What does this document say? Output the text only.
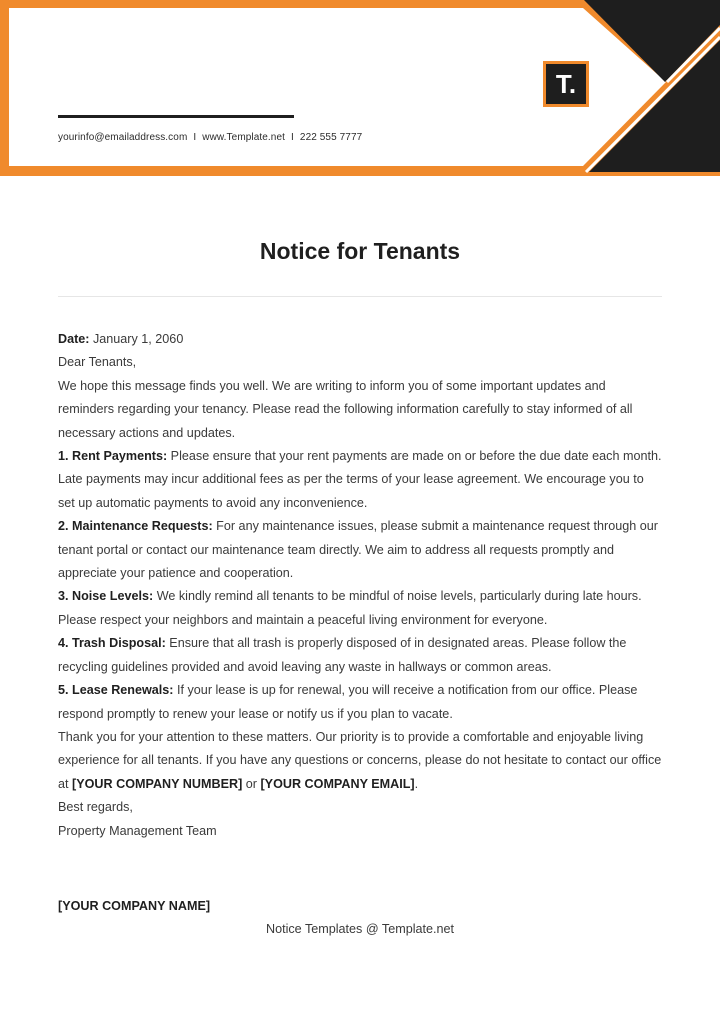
T.
yourinfo@emailaddress.com I www.Template.net I 222 555 7777
Notice for Tenants

Date: January 1, 2060

Dear Tenants,

We hope this message finds you well. We are writing to inform you of some important updates and reminders regarding your tenancy. Please read the following information carefully to stay informed of all necessary actions and updates.

1. Rent Payments: Please ensure that your rent payments are made on or before the due date each month. Late payments may incur additional fees as per the terms of your lease agreement. We encourage you to set up automatic payments to avoid any inconvenience.

2. Maintenance Requests: For any maintenance issues, please submit a maintenance request through our tenant portal or contact our maintenance team directly. We aim to address all requests promptly and appreciate your patience and cooperation.

3. Noise Levels: We kindly remind all tenants to be mindful of noise levels, particularly during late hours. Please respect your neighbors and maintain a peaceful living environment for everyone.

4. Trash Disposal: Ensure that all trash is properly disposed of in designated areas. Please follow the recycling guidelines provided and avoid leaving any waste in hallways or common areas.

5. Lease Renewals: If your lease is up for renewal, you will receive a notification from our office. Please respond promptly to renew your lease or notify us if you plan to vacate.

Thank you for your attention to these matters. Our priority is to provide a comfortable and enjoyable living experience for all tenants. If you have any questions or concerns, please do not hesitate to contact our office at [YOUR COMPANY NUMBER] or [YOUR COMPANY EMAIL].

Best regards,

Property Management Team

[YOUR COMPANY NAME]
Notice Templates @ Template.net
